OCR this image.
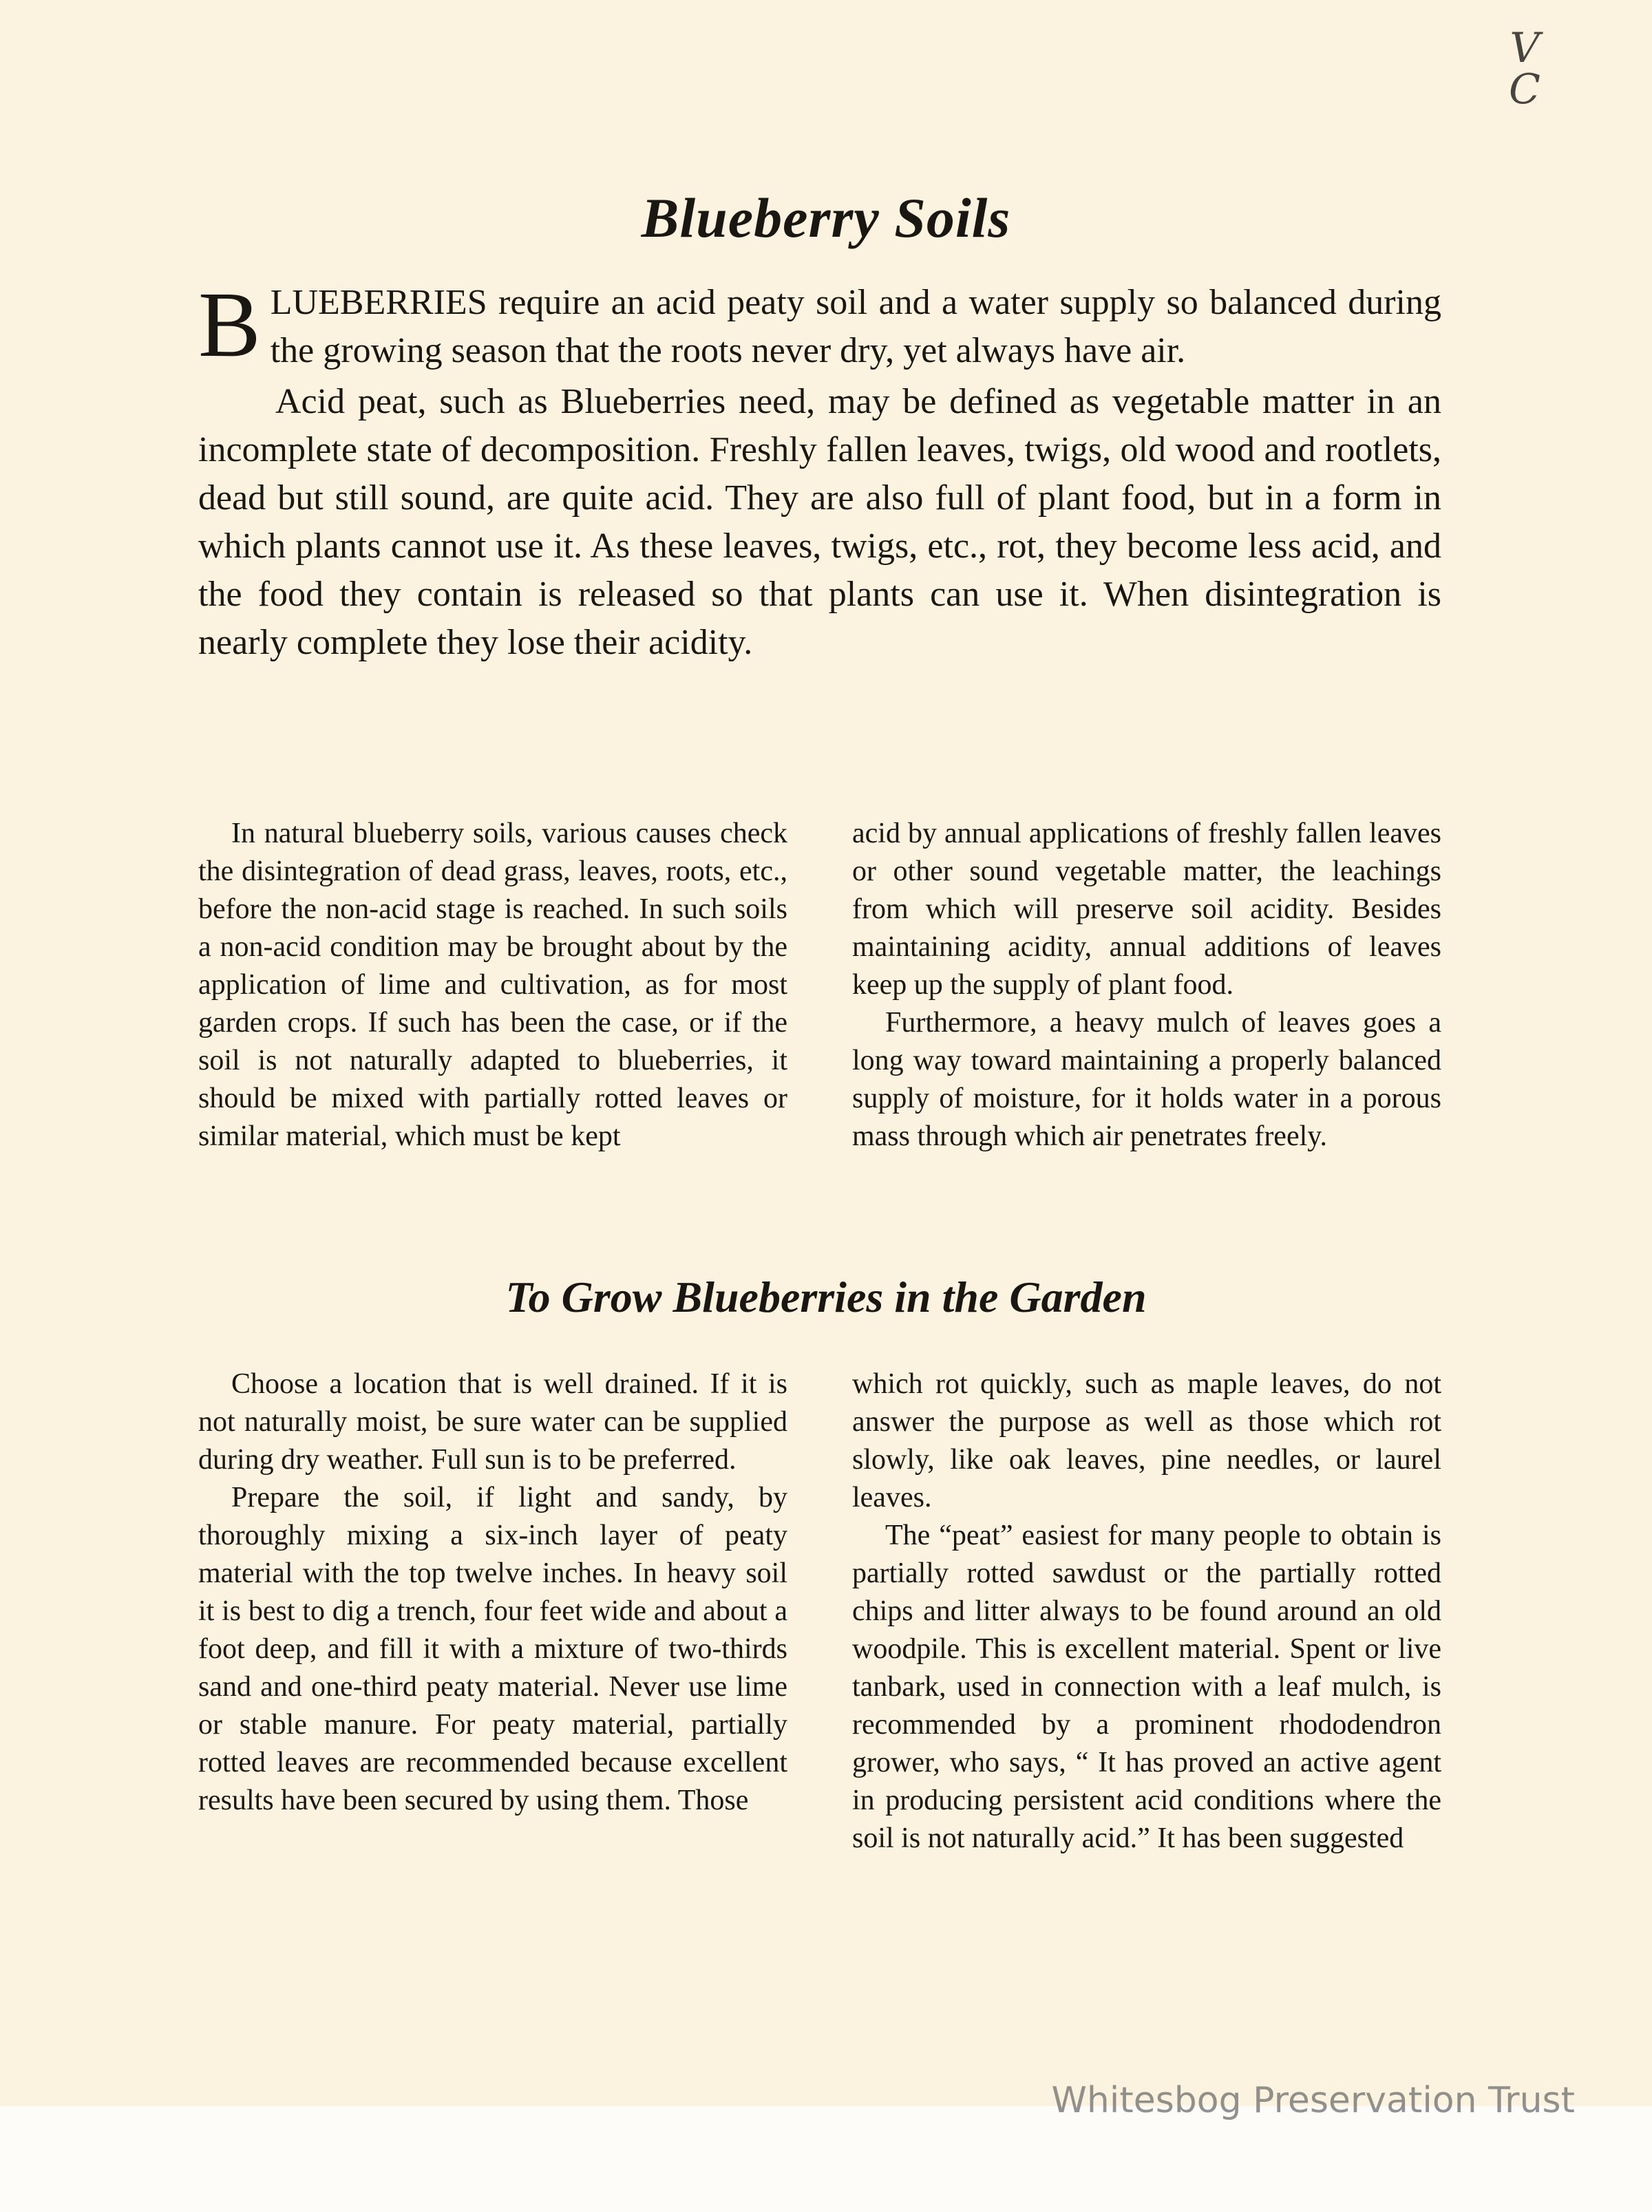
V
C
Blueberry Soils

BLUEBERRIES require an acid peaty soil and a water supply so balanced during the growing season that the roots never dry, yet always have air.

Acid peat, such as Blueberries need, may be defined as vegetable matter in an incomplete state of decomposition. Freshly fallen leaves, twigs, old wood and rootlets, dead but still sound, are quite acid. They are also full of plant food, but in a form in which plants cannot use it. As these leaves, twigs, etc., rot, they become less acid, and the food they contain is released so that plants can use it. When disintegration is nearly complete they lose their acidity.

In natural blueberry soils, various causes check the disintegration of dead grass, leaves, roots, etc., before the non-acid stage is reached. In such soils a non-acid condition may be brought about by the application of lime and cultivation, as for most garden crops. If such has been the case, or if the soil is not naturally adapted to blueberries, it should be mixed with partially rotted leaves or similar material, which must be kept

acid by annual applications of freshly fallen leaves or other sound vegetable matter, the leachings from which will preserve soil acidity. Besides maintaining acidity, annual additions of leaves keep up the supply of plant food.

Furthermore, a heavy mulch of leaves goes a long way toward maintaining a properly balanced supply of moisture, for it holds water in a porous mass through which air penetrates freely.

To Grow Blueberries in the Garden

Choose a location that is well drained. If it is not naturally moist, be sure water can be supplied during dry weather. Full sun is to be preferred.

Prepare the soil, if light and sandy, by thoroughly mixing a six-inch layer of peaty material with the top twelve inches. In heavy soil it is best to dig a trench, four feet wide and about a foot deep, and fill it with a mixture of two-thirds sand and one-third peaty material. Never use lime or stable manure. For peaty material, partially rotted leaves are recommended because excellent results have been secured by using them. Those

which rot quickly, such as maple leaves, do not answer the purpose as well as those which rot slowly, like oak leaves, pine needles, or laurel leaves.

The “peat” easiest for many people to obtain is partially rotted sawdust or the partially rotted chips and litter always to be found around an old woodpile. This is excellent material. Spent or live tanbark, used in connection with a leaf mulch, is recommended by a prominent rhododendron grower, who says, “ It has proved an active agent in producing persistent acid conditions where the soil is not naturally acid.” It has been suggested

Whitesbog Preservation Trust
